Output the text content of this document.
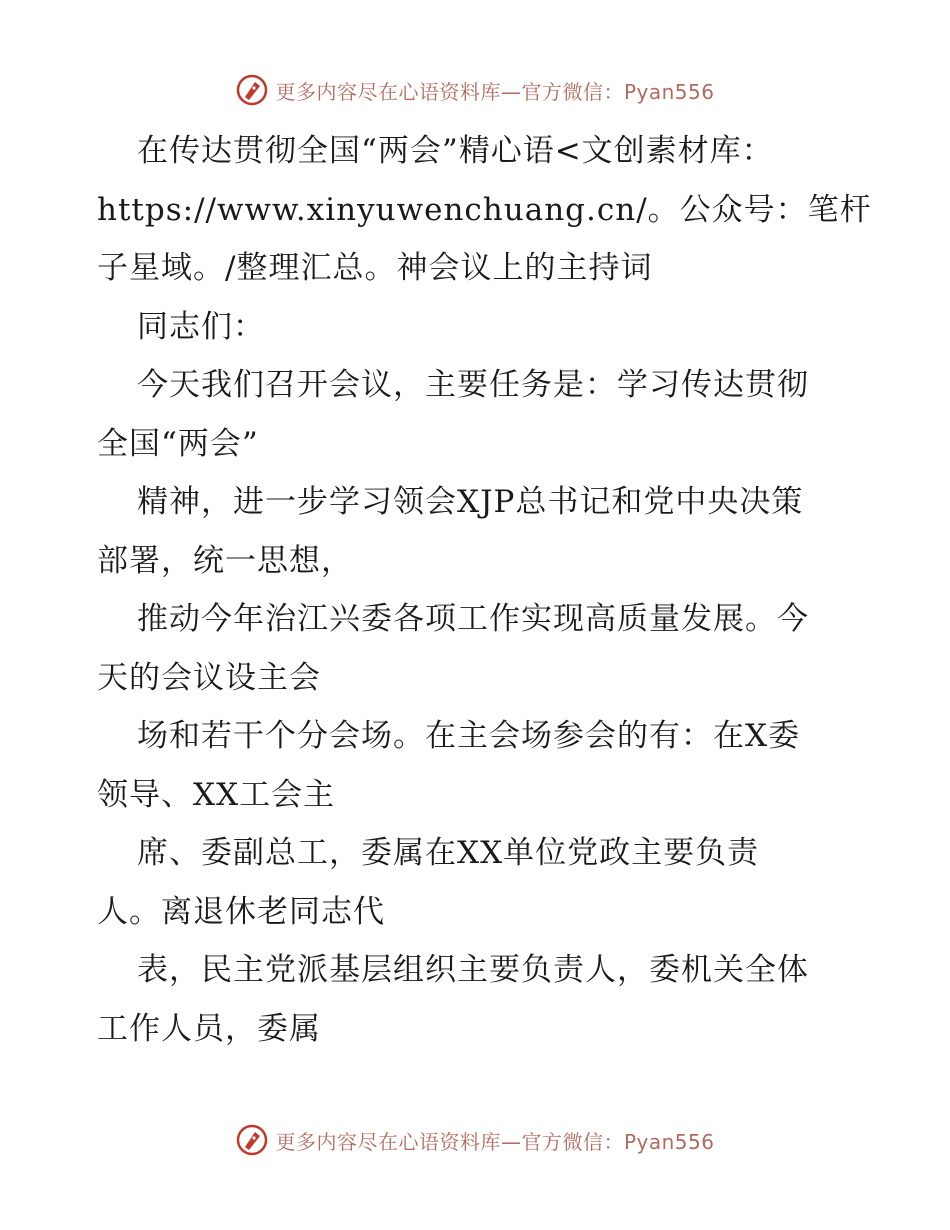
更多内容尽在心语资料库—官方微信：Pyan556
在传达贯彻全国“两会”精心语<文创素材库：
https://www.xinyuwenchuang.cn/。公众号：笔杆
子星域。/整理汇总。神会议上的主持词
同志们：
今天我们召开会议，主要任务是：学习传达贯彻
全国“两会”
精神，进一步学习领会XJP总书记和党中央决策
部署，统一思想，
推动今年治江兴委各项工作实现高质量发展。今
天的会议设主会
场和若干个分会场。在主会场参会的有：在X委
领导、XX工会主
席、委副总工，委属在XX单位党政主要负责
人。离退休老同志代
表，民主党派基层组织主要负责人，委机关全体
工作人员，委属
更多内容尽在心语资料库—官方微信：Pyan556
